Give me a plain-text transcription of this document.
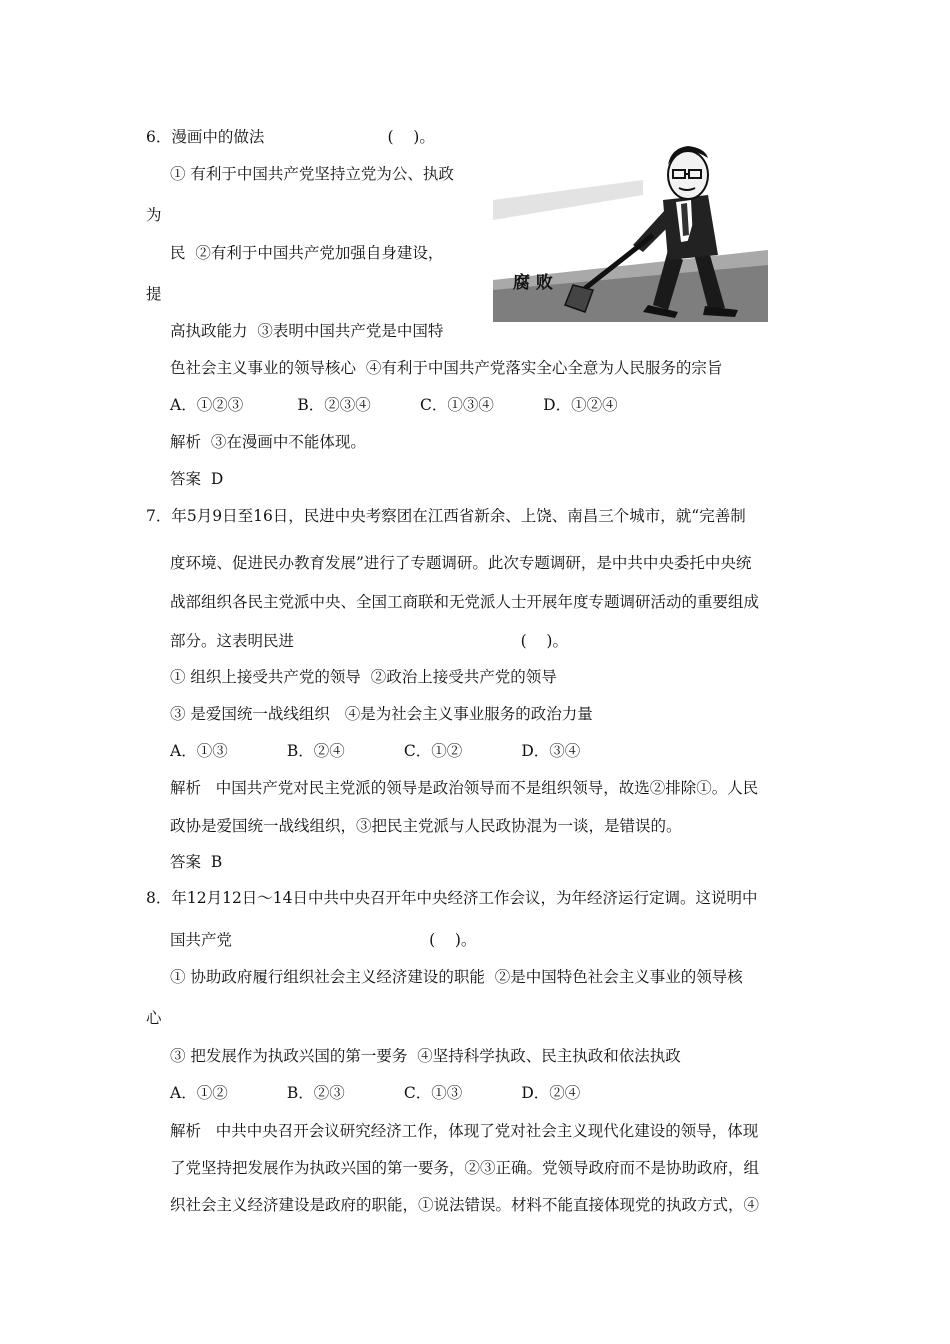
6．漫画中的做法                         (    )。
① 有利于中国共产党坚持立党为公、执政
为
民  ②有利于中国共产党加强自身建设，
提
高执政能力  ③表明中国共产党是中国特
色社会主义事业的领导核心  ④有利于中国共产党落实全心全意为人民服务的宗旨
A．①②③           B．②③④          C．①③④          D．①②④
解析  ③在漫画中不能体现。
答案  D
7．年5月9日至16日，民进中央考察团在江西省新余、上饶、南昌三个城市，就“完善制
度环境、促进民办教育发展”进行了专题调研。此次专题调研，是中共中央委托中央统
战部组织各民主党派中央、全国工商联和无党派人士开展年度专题调研活动的重要组成
部分。这表明民进                                              (    )。
① 组织上接受共产党的领导  ②政治上接受共产党的领导
③ 是爱国统一战线组织   ④是为社会主义事业服务的政治力量
A．①③            B．②④            C．①②            D．③④
解析   中国共产党对民主党派的领导是政治领导而不是组织领导，故选②排除①。人民
政协是爱国统一战线组织，③把民主党派与人民政协混为一谈，是错误的。
答案  B
8．年12月12日～14日中共中央召开年中央经济工作会议，为年经济运行定调。这说明中
国共产党                                        (    )。
① 协助政府履行组织社会主义经济建设的职能  ②是中国特色社会主义事业的领导核
心
③ 把发展作为执政兴国的第一要务  ④坚持科学执政、民主执政和依法执政
A．①②            B．②③            C．①③            D．②④
解析   中共中央召开会议研究经济工作，体现了党对社会主义现代化建设的领导，体现
了党坚持把发展作为执政兴国的第一要务，②③正确。党领导政府而不是协助政府，组
织社会主义经济建设是政府的职能，①说法错误。材料不能直接体现党的执政方式，④
腐 败
